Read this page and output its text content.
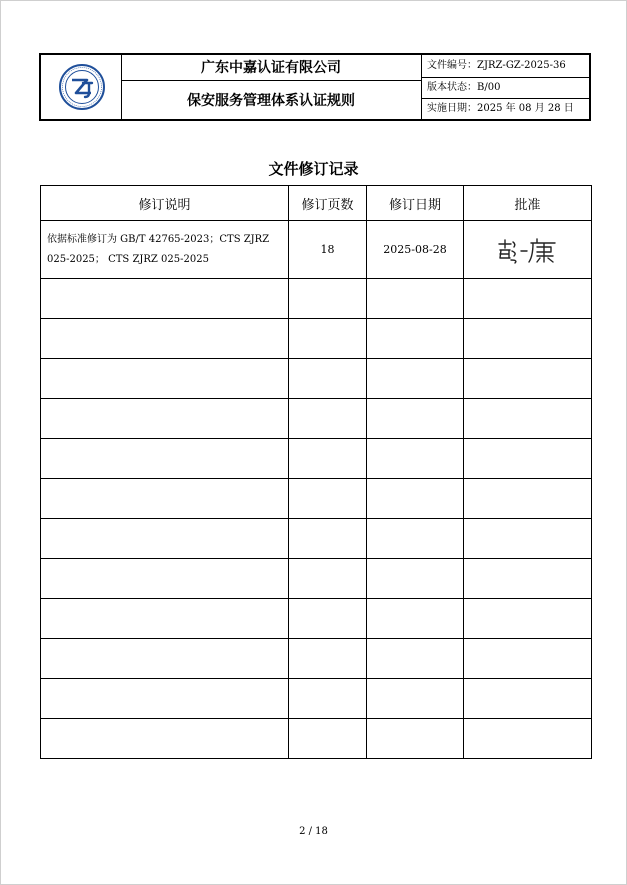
广东中嘉认证有限公司
保安服务管理体系认证规则
文件编号：ZJRZ-GZ-2025-36
版本状态：B/00
实施日期：2025 年 08 月 28 日
文件修订记录
修订说明	修订页数	修订日期	批准
依据标准修订为 GB/T 42765-2023；CTS ZJRZ 025-2025； CTS ZJRZ 025-2025	18	2025-08-28	

2 / 18
